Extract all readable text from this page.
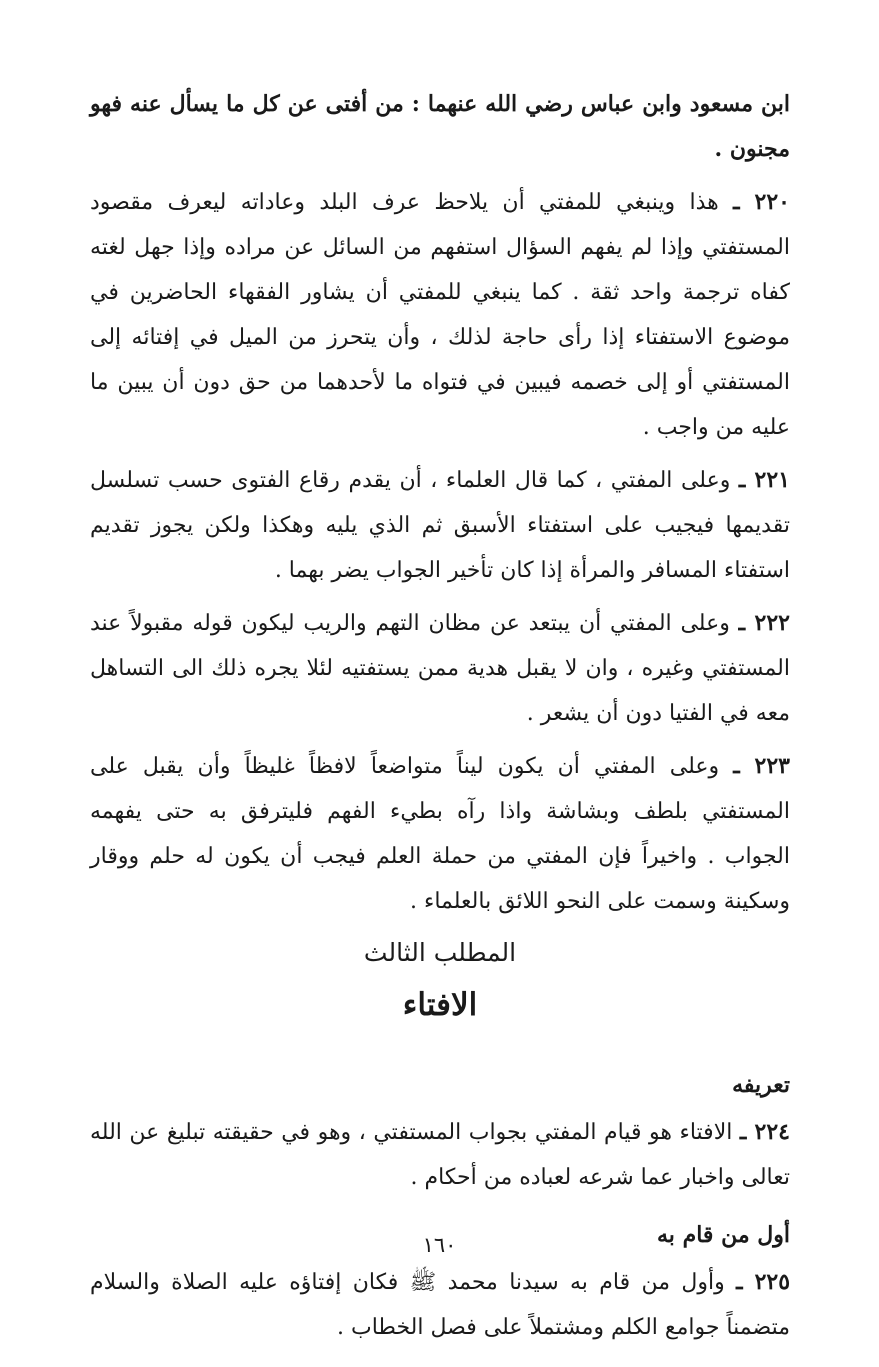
ابن مسعود وابن عباس رضي الله عنهما : من أفتى عن كل ما يسأل عنه فهو مجنون .

٢٢٠ ـ هذا وينبغي للمفتي أن يلاحظ عرف البلد وعاداته ليعرف مقصود المستفتي وإذا لم يفهم السؤال استفهم من السائل عن مراده وإذا جهل لغته كفاه ترجمة واحد ثقة . كما ينبغي للمفتي أن يشاور الفقهاء الحاضرين في موضوع الاستفتاء إذا رأى حاجة لذلك ، وأن يتحرز من الميل في إفتائه إلى المستفتي أو إلى خصمه فيبين في فتواه ما لأحدهما من حق دون أن يبين ما عليه من واجب .

٢٢١ ـ وعلى المفتي ، كما قال العلماء ، أن يقدم رقاع الفتوى حسب تسلسل تقديمها فيجيب على استفتاء الأسبق ثم الذي يليه وهكذا ولكن يجوز تقديم استفتاء المسافر والمرأة إذا كان تأخير الجواب يضر بهما .

٢٢٢ ـ وعلى المفتي أن يبتعد عن مظان التهم والريب ليكون قوله مقبولاً عند المستفتي وغيره ، وان لا يقبل هدية ممن يستفتيه لئلا يجره ذلك الى التساهل معه في الفتيا دون أن يشعر .

٢٢٣ ـ وعلى المفتي أن يكون ليناً متواضعاً لافظاً غليظاً وأن يقبل على المستفتي بلطف وبشاشة واذا رآه بطيء الفهم فليترفق به حتى يفهمه الجواب . واخيراً فإن المفتي من حملة العلم فيجب أن يكون له حلم ووقار وسكينة وسمت على النحو اللائق بالعلماء .

المطلب الثالث
الافتاء
تعريفه

٢٢٤ ـ الافتاء هو قيام المفتي بجواب المستفتي ، وهو في حقيقته تبليغ عن الله تعالى واخبار عما شرعه لعباده من أحكام .

أول من قام به

٢٢٥ ـ وأول من قام به سيدنا محمد ﷺ فكان إفتاؤه عليه الصلاة والسلام متضمناً جوامع الكلم ومشتملاً على فصل الخطاب .

١٦٠
